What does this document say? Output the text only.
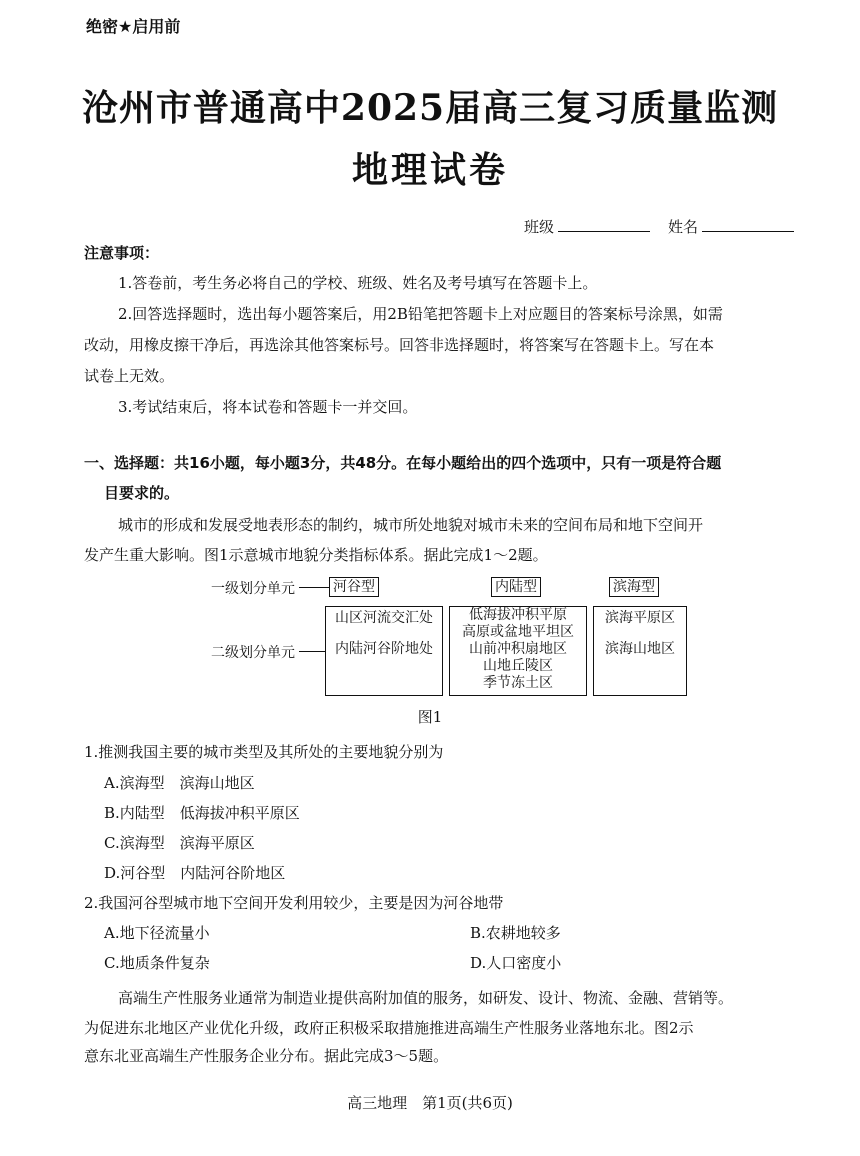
绝密★启用前
沧州市普通高中2025届高三复习质量监测
地理试卷
班级	姓名
注意事项：
1.答卷前，考生务必将自己的学校、班级、姓名及考号填写在答题卡上。
2.回答选择题时，选出每小题答案后，用2B铅笔把答题卡上对应题目的答案标号涂黑，如需
改动，用橡皮擦干净后，再选涂其他答案标号。回答非选择题时，将答案写在答题卡上。写在本
试卷上无效。
3.考试结束后，将本试卷和答题卡一并交回。
一、选择题：共16小题，每小题3分，共48分。在每小题给出的四个选项中，只有一项是符合题
目要求的。
城市的形成和发展受地表形态的制约，城市所处地貌对城市未来的空间布局和地下空间开
发产生重大影响。图1示意城市地貌分类指标体系。据此完成1～2题。
一级划分单元	河谷型	内陆型	滨海型
二级划分单元
山区河流交汇处
内陆河谷阶地处
低海拔冲积平原
高原或盆地平坦区
山前冲积扇地区
山地丘陵区
季节冻土区
滨海平原区
滨海山地区
图1
1.推测我国主要的城市类型及其所处的主要地貌分别为
A.滨海型　滨海山地区
B.内陆型　低海拔冲积平原区
C.滨海型　滨海平原区
D.河谷型　内陆河谷阶地区
2.我国河谷型城市地下空间开发利用较少，主要是因为河谷地带
A.地下径流量小	B.农耕地较多
C.地质条件复杂	D.人口密度小
高端生产性服务业通常为制造业提供高附加值的服务，如研发、设计、物流、金融、营销等。
为促进东北地区产业优化升级，政府正积极采取措施推进高端生产性服务业落地东北。图2示
意东北亚高端生产性服务企业分布。据此完成3～5题。
高三地理　第1页(共6页)
